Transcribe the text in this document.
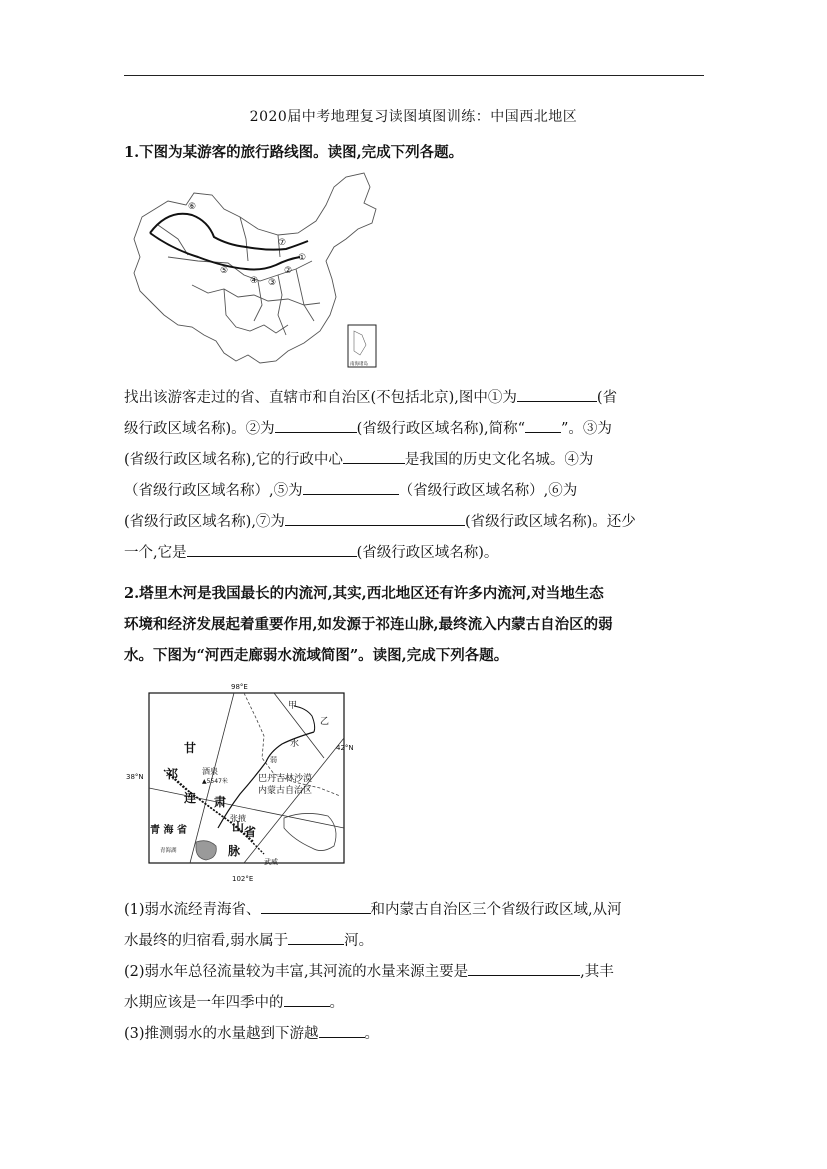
2020届中考地理复习读图填图训练：中国西北地区
1.下图为某游客的旅行路线图。读图,完成下列各题。
⑥
⑦
①
②
⑤
④ ③
南海诸岛
找出该游客走过的省、直辖市和自治区(不包括北京),图中①为	(省
级行政区域名称)。②为	(省级行政区域名称),简称“ ”。③为
(省级行政区域名称),它的行政中心	是我国的历史文化名城。④为
（省级行政区域名称）,⑤为	（省级行政区域名称）,⑥为
(省级行政区域名称),⑦为	(省级行政区域名称)。还少
一个,它是	(省级行政区域名称)。
2.塔里木河是我国最长的内流河,其实,西北地区还有许多内流河,对当地生态
环境和经济发展起着重要作用,如发源于祁连山脉,最终流入内蒙古自治区的弱
水。下图为“河西走廊弱水流域简图”。读图,完成下列各题。
98°E
102°E
42°N
38°N
甲
乙
水
弱
甘
祁
连 肃
山 省
脉
酒泉
▲5547米	巴丹吉林沙漠
内蒙古自治区
张掖
青 海 省
青海湖
武威
(1)弱水流经青海省、	和内蒙古自治区三个省级行政区域,从河
水最终的归宿看,弱水属于	河。
(2)弱水年总径流量较为丰富,其河流的水量来源主要是	,其丰
水期应该是一年四季中的	。
(3)推测弱水的水量越到下游越	。
